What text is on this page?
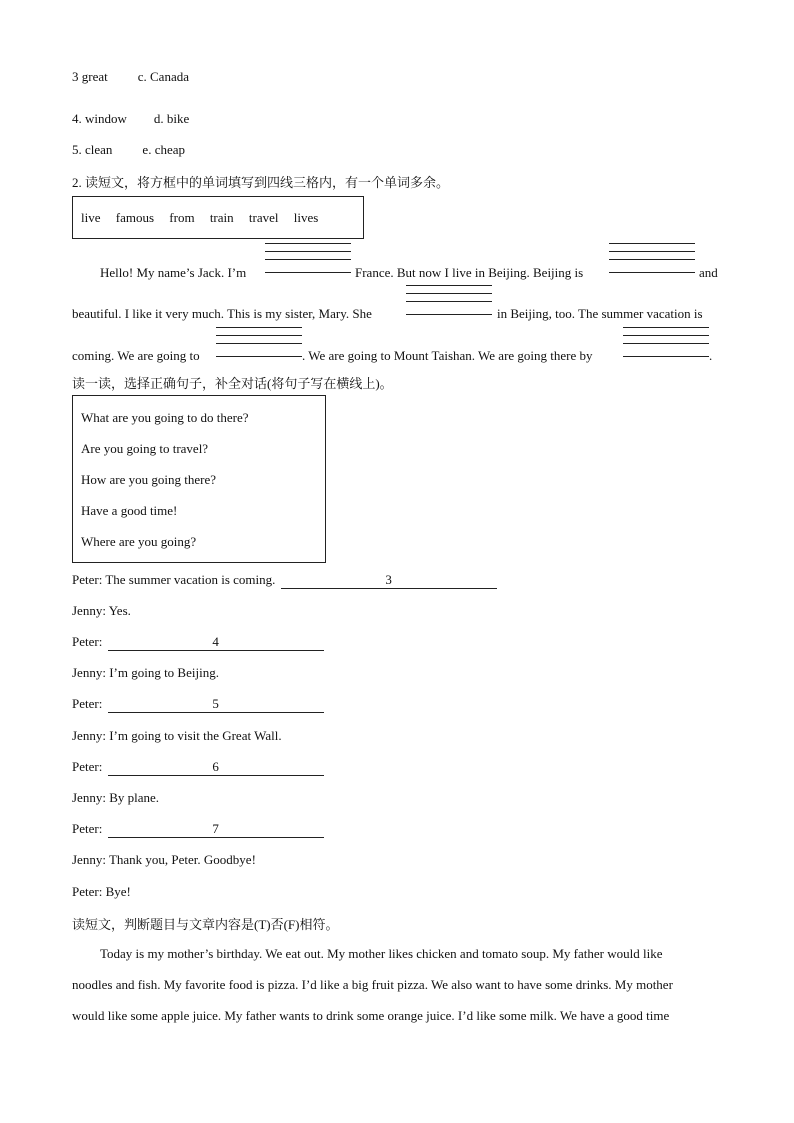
3 great c. Canada
4. window d. bike
5. clean e. cheap
2. 读短文，将方框中的单词填写到四线三格内，有一个单词多余。
live famous from train travel lives
Hello! My name’s Jack. I’m	France. But now I live in Beijing. Beijing is	and
beautiful. I like it very much. This is my sister, Mary. She	in Beijing, too. The summer vacation is
coming. We are going to	. We are going to Mount Taishan. We are going there by	.
读一读，选择正确句子，补全对话(将句子写在横线上)。
What are you going to do there?
Are you going to travel?
How are you going there?
Have a good time!
Where are you going?
Peter: The summer vacation is coming.	3
Jenny: Yes.
Peter:	4
Jenny: I’m going to Beijing.
Peter:	5
Jenny: I’m going to visit the Great Wall.
Peter:	6
Jenny: By plane.
Peter:	7
Jenny: Thank you, Peter. Goodbye!
Peter: Bye!
读短文，判断题目与文章内容是(T)否(F)相符。
Today is my mother’s birthday. We eat out. My mother likes chicken and tomato soup. My father would like
noodles and fish. My favorite food is pizza. I’d like a big fruit pizza. We also want to have some drinks. My mother
would like some apple juice. My father wants to drink some orange juice. I’d like some milk. We have a good time
